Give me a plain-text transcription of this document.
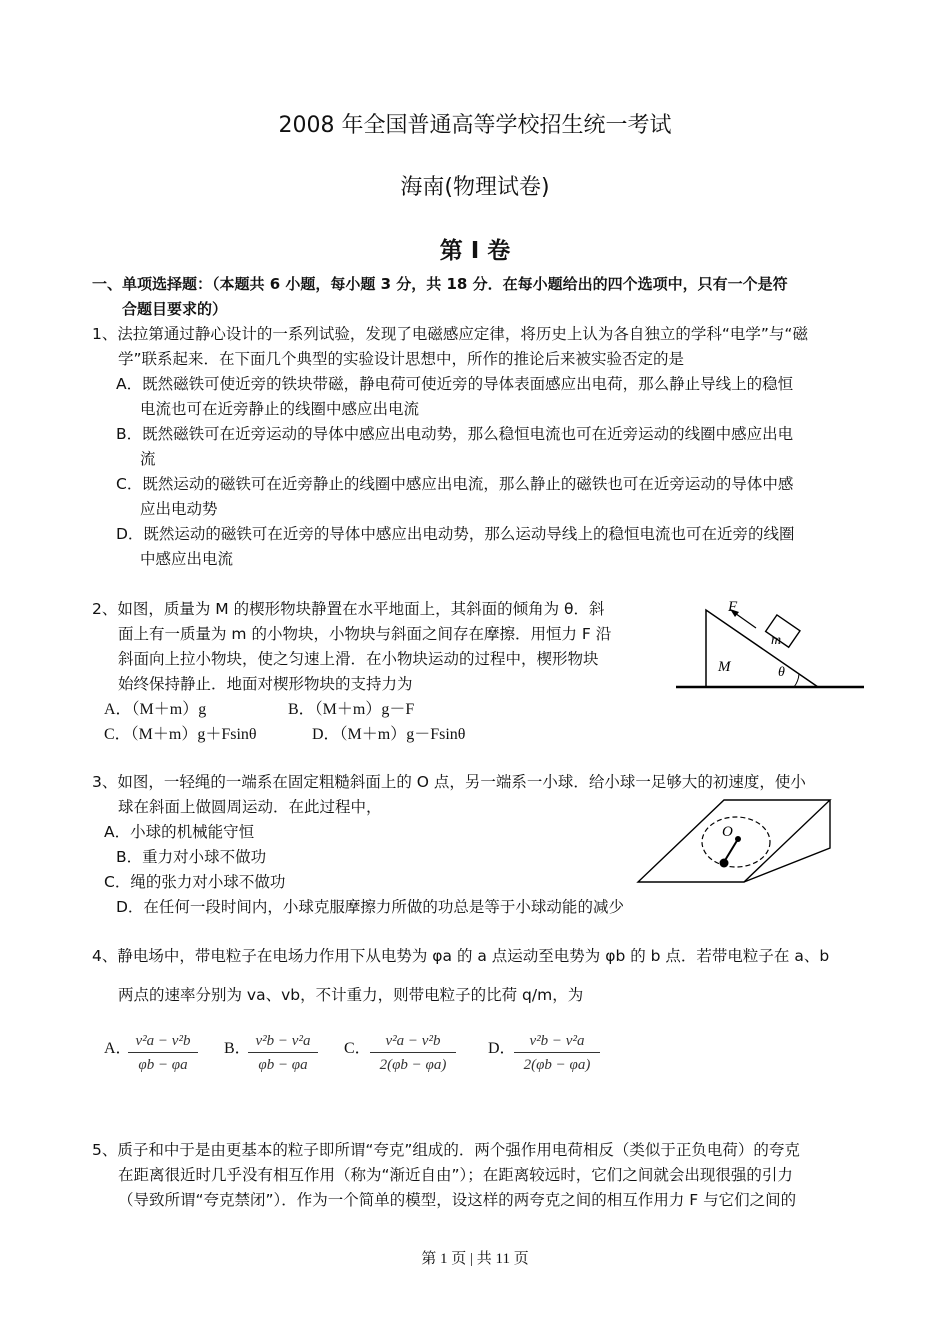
2008 年全国普通高等学校招生统一考试
海南(物理试卷)
第 I 卷
一、单项选择题：（本题共 6 小题，每小题 3 分，共 18 分．在每小题给出的四个选项中，只有一个是符
合题目要求的）
1、法拉第通过静心设计的一系列试验，发现了电磁感应定律，将历史上认为各自独立的学科“电学”与“磁
学”联系起来．在下面几个典型的实验设计思想中，所作的推论后来被实验否定的是
A．既然磁铁可使近旁的铁块带磁，静电荷可使近旁的导体表面感应出电荷，那么静止导线上的稳恒
电流也可在近旁静止的线圈中感应出电流
B．既然磁铁可在近旁运动的导体中感应出电动势，那么稳恒电流也可在近旁运动的线圈中感应出电
流
C．既然运动的磁铁可在近旁静止的线圈中感应出电流，那么静止的磁铁也可在近旁运动的导体中感
应出电动势
D．既然运动的磁铁可在近旁的导体中感应出电动势，那么运动导线上的稳恒电流也可在近旁的线圈
中感应出电流
2、如图，质量为 M 的楔形物块静置在水平地面上，其斜面的倾角为 θ．斜
面上有一质量为 m 的小物块，小物块与斜面之间存在摩擦．用恒力 F 沿
斜面向上拉小物块，使之匀速上滑．在小物块运动的过程中，楔形物块
始终保持静止．地面对楔形物块的支持力为
A．（M＋m）g	B．（M＋m）g－F
C．（M＋m）g＋Fsinθ	D．（M＋m）g－Fsinθ
F
m
M	θ
3、如图，一轻绳的一端系在固定粗糙斜面上的 O 点，另一端系一小球．给小球一足够大的初速度，使小
球在斜面上做圆周运动．在此过程中，
A．小球的机械能守恒
B．重力对小球不做功
C．绳的张力对小球不做功
D．在任何一段时间内，小球克服摩擦力所做的功总是等于小球动能的减少
O
4、静电场中，带电粒子在电场力作用下从电势为 φa 的 a 点运动至电势为 φb 的 b 点．若带电粒子在 a、b
两点的速率分别为 va、vb，不计重力，则带电粒子的比荷 q/m，为
A．
$\frac{\text{v²a − v²b}}{\varphi b - \varphi a}$ B．
$\frac{\text{v²b − v²a}}{\varphi b - \varphi a}$ C． $\frac{\text{v²a − v²b}}{2(\varphi b - \varphi a)}$ D．
$\frac{\text{v²b − v²a}}{2(\varphi b - \varphi a)}$
5、质子和中于是由更基本的粒子即所谓“夸克”组成的．两个强作用电荷相反（类似于正负电荷）的夸克
在距离很近时几乎没有相互作用（称为“渐近自由”）；在距离较远时，它们之间就会出现很强的引力
（导致所谓“夸克禁闭”）．作为一个简单的模型，设这样的两夸克之间的相互作用力 F 与它们之间的
第 1 页 | 共 11 页
